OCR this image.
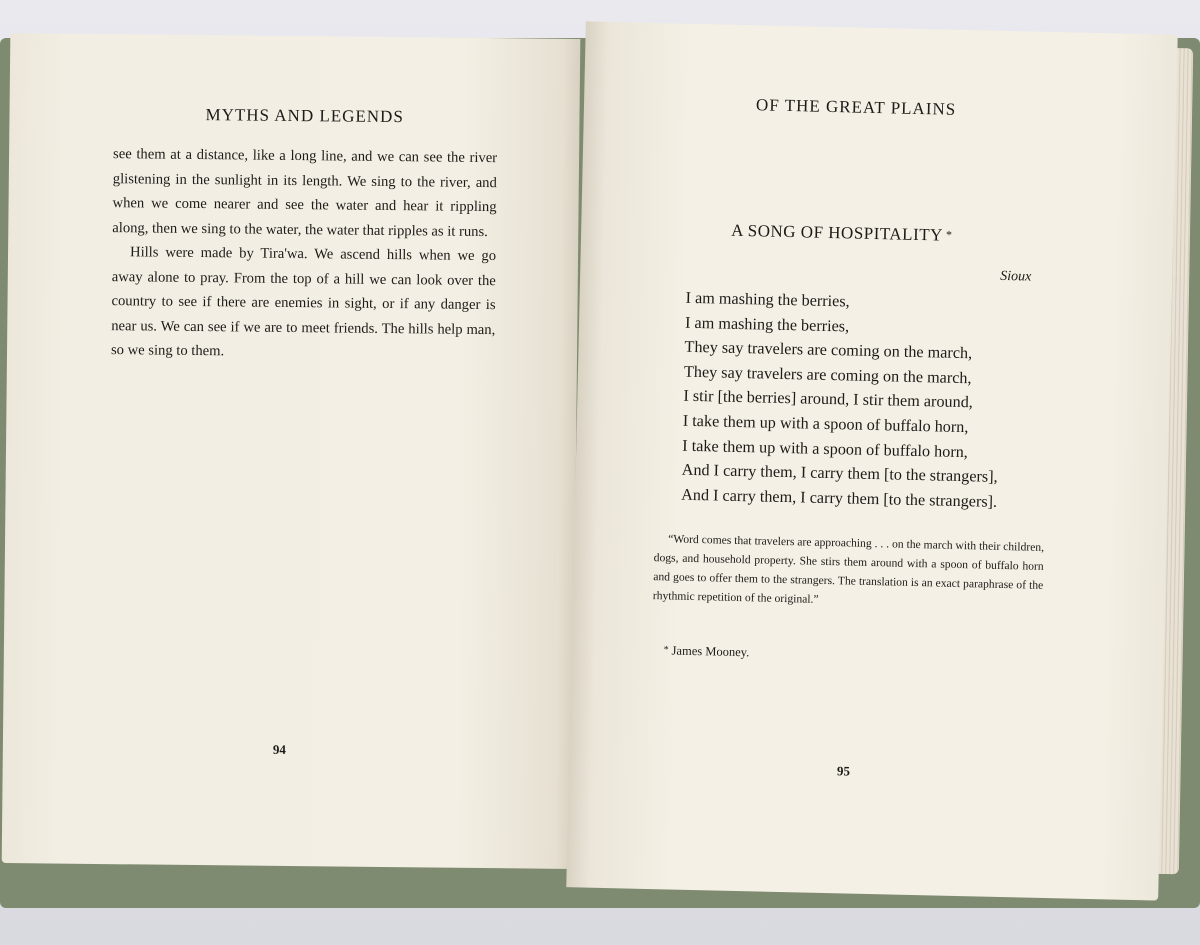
MYTHS AND LEGENDS

see them at a distance, like a long line, and we can see the river glistening in the sunlight in its length. We sing to the river, and when we come nearer and see the water and hear it rippling along, then we sing to the water, the water that ripples as it runs.

Hills were made by Tira'wa. We ascend hills when we go away alone to pray. From the top of a hill we can look over the country to see if there are enemies in sight, or if any danger is near us. We can see if we are to meet friends. The hills help man, so we sing to them.

94
OF THE GREAT PLAINS
A SONG OF HOSPITALITY *
Sioux
I am mashing the berries,
I am mashing the berries,
They say travelers are coming on the march,
They say travelers are coming on the march,
I stir [the berries] around, I stir them around,
I take them up with a spoon of buffalo horn,
I take them up with a spoon of buffalo horn,
And I carry them, I carry them [to the strangers],
And I carry them, I carry them [to the strangers].

“Word comes that travelers are approaching . . . on the march with their children, dogs, and household property. She stirs them around with a spoon of buffalo horn and goes to offer them to the strangers. The translation is an exact paraphrase of the rhythmic repetition of the original.”

* James Mooney.
95
